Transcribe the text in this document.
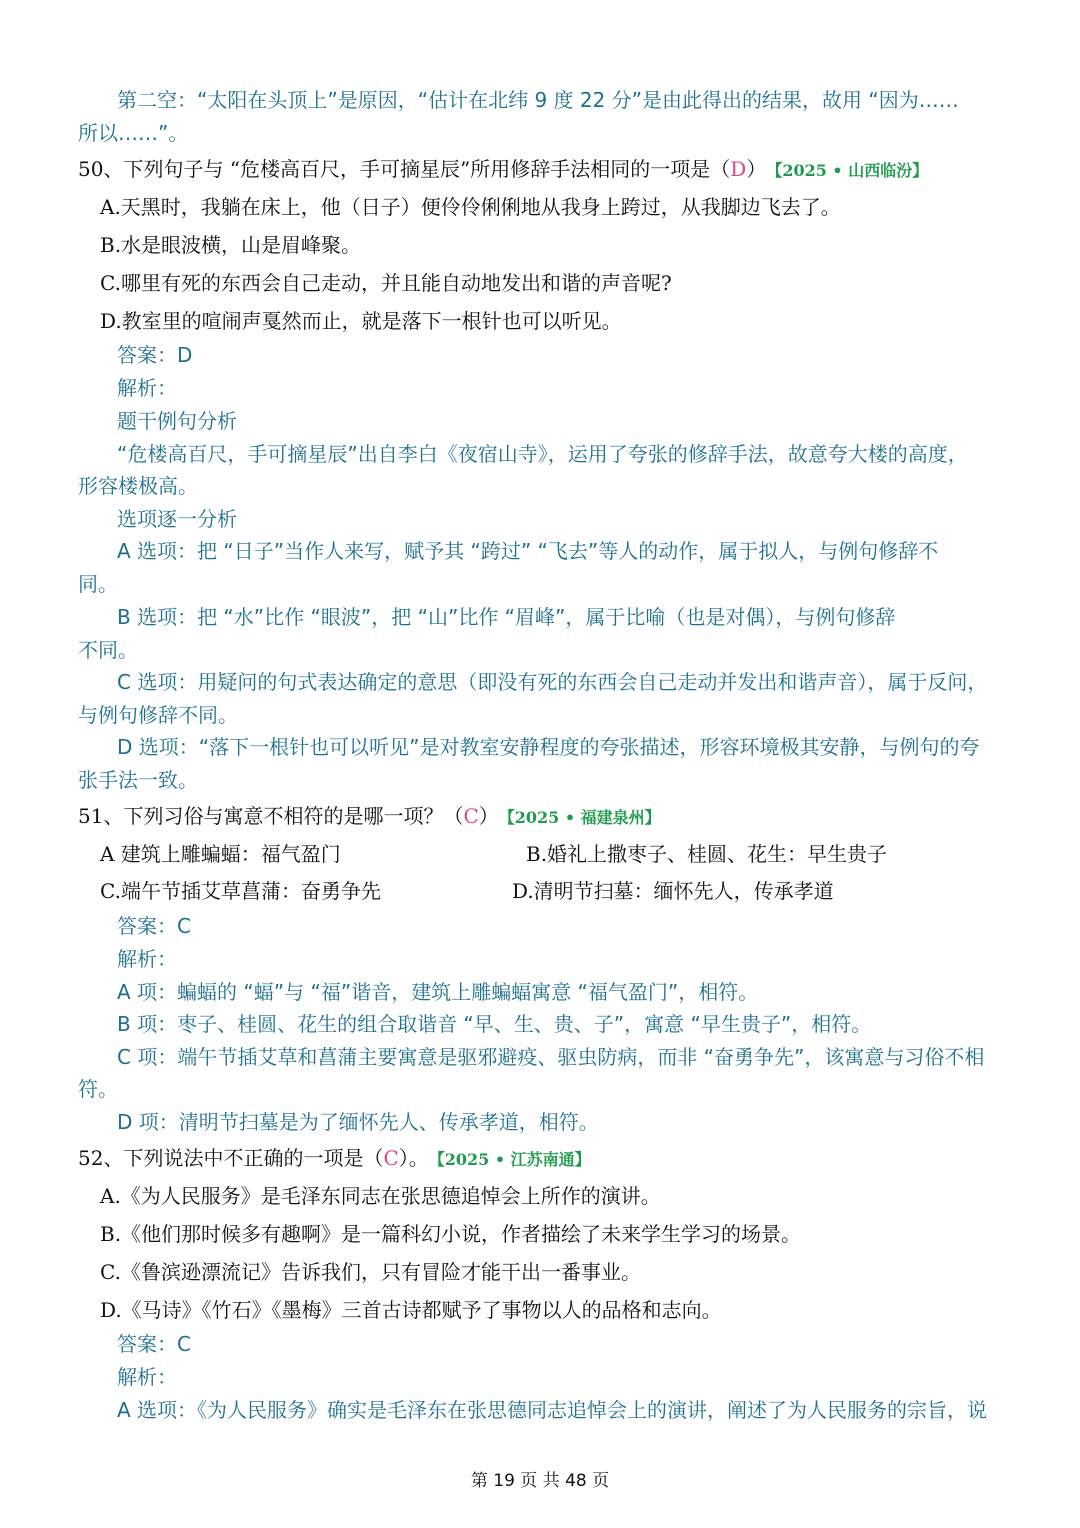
第二空：“太阳在头顶上”是原因，“估计在北纬 9 度 22 分”是由此得出的结果，故用 “因为……
所以……”。
50、下列句子与 “危楼高百尺，手可摘星辰”所用修辞手法相同的一项是（D） 【2025 • 山西临汾】
A.天黑时，我躺在床上，他（日子）便伶伶俐俐地从我身上跨过，从我脚边飞去了。
B.水是眼波横，山是眉峰聚。
C.哪里有死的东西会自己走动，并且能自动地发出和谐的声音呢?
D.教室里的喧闹声戛然而止，就是落下一根针也可以听见。
答案：D
解析：
题干例句分析
“危楼高百尺，手可摘星辰”出自李白《夜宿山寺》，运用了夸张的修辞手法，故意夸大楼的高度，
形容楼极高。
选项逐一分析
A 选项：把 “日子”当作人来写，赋予其 “跨过” “飞去”等人的动作，属于拟人，与例句修辞不
同。
B 选项：把 “水”比作 “眼波”，把 “山”比作 “眉峰”，属于比喻（也是对偶），与例句修辞
不同。
C 选项：用疑问的句式表达确定的意思（即没有死的东西会自己走动并发出和谐声音），属于反问，
与例句修辞不同。
D 选项：“落下一根针也可以听见”是对教室安静程度的夸张描述，形容环境极其安静，与例句的夸
张手法一致。
51、下列习俗与寓意不相符的是哪一项？（C） 【2025 • 福建泉州】
A 建筑上雕蝙蝠：福气盈门	B.婚礼上撒枣子、桂圆、花生：早生贵子
C.端午节插艾草菖蒲：奋勇争先	D.清明节扫墓：缅怀先人，传承孝道
答案：C
解析：
A 项：蝙蝠的 “蝠”与 “福”谐音，建筑上雕蝙蝠寓意 “福气盈门”，相符。
B 项：枣子、桂圆、花生的组合取谐音 “早、生、贵、子”，寓意 “早生贵子”，相符。
C 项：端午节插艾草和菖蒲主要寓意是驱邪避疫、驱虫防病，而非 “奋勇争先”，该寓意与习俗不相
符。
D 项：清明节扫墓是为了缅怀先人、传承孝道，相符。
52、下列说法中不正确的一项是（C）。 【2025 • 江苏南通】
A.《为人民服务》是毛泽东同志在张思德追悼会上所作的演讲。
B.《他们那时候多有趣啊》是一篇科幻小说，作者描绘了未来学生学习的场景。
C.《鲁滨逊漂流记》告诉我们，只有冒险才能干出一番事业。
D.《马诗》《竹石》《墨梅》三首古诗都赋予了事物以人的品格和志向。
答案：C
解析：
A 选项：《为人民服务》确实是毛泽东在张思德同志追悼会上的演讲，阐述了为人民服务的宗旨，说
第 19 页 共 48 页
